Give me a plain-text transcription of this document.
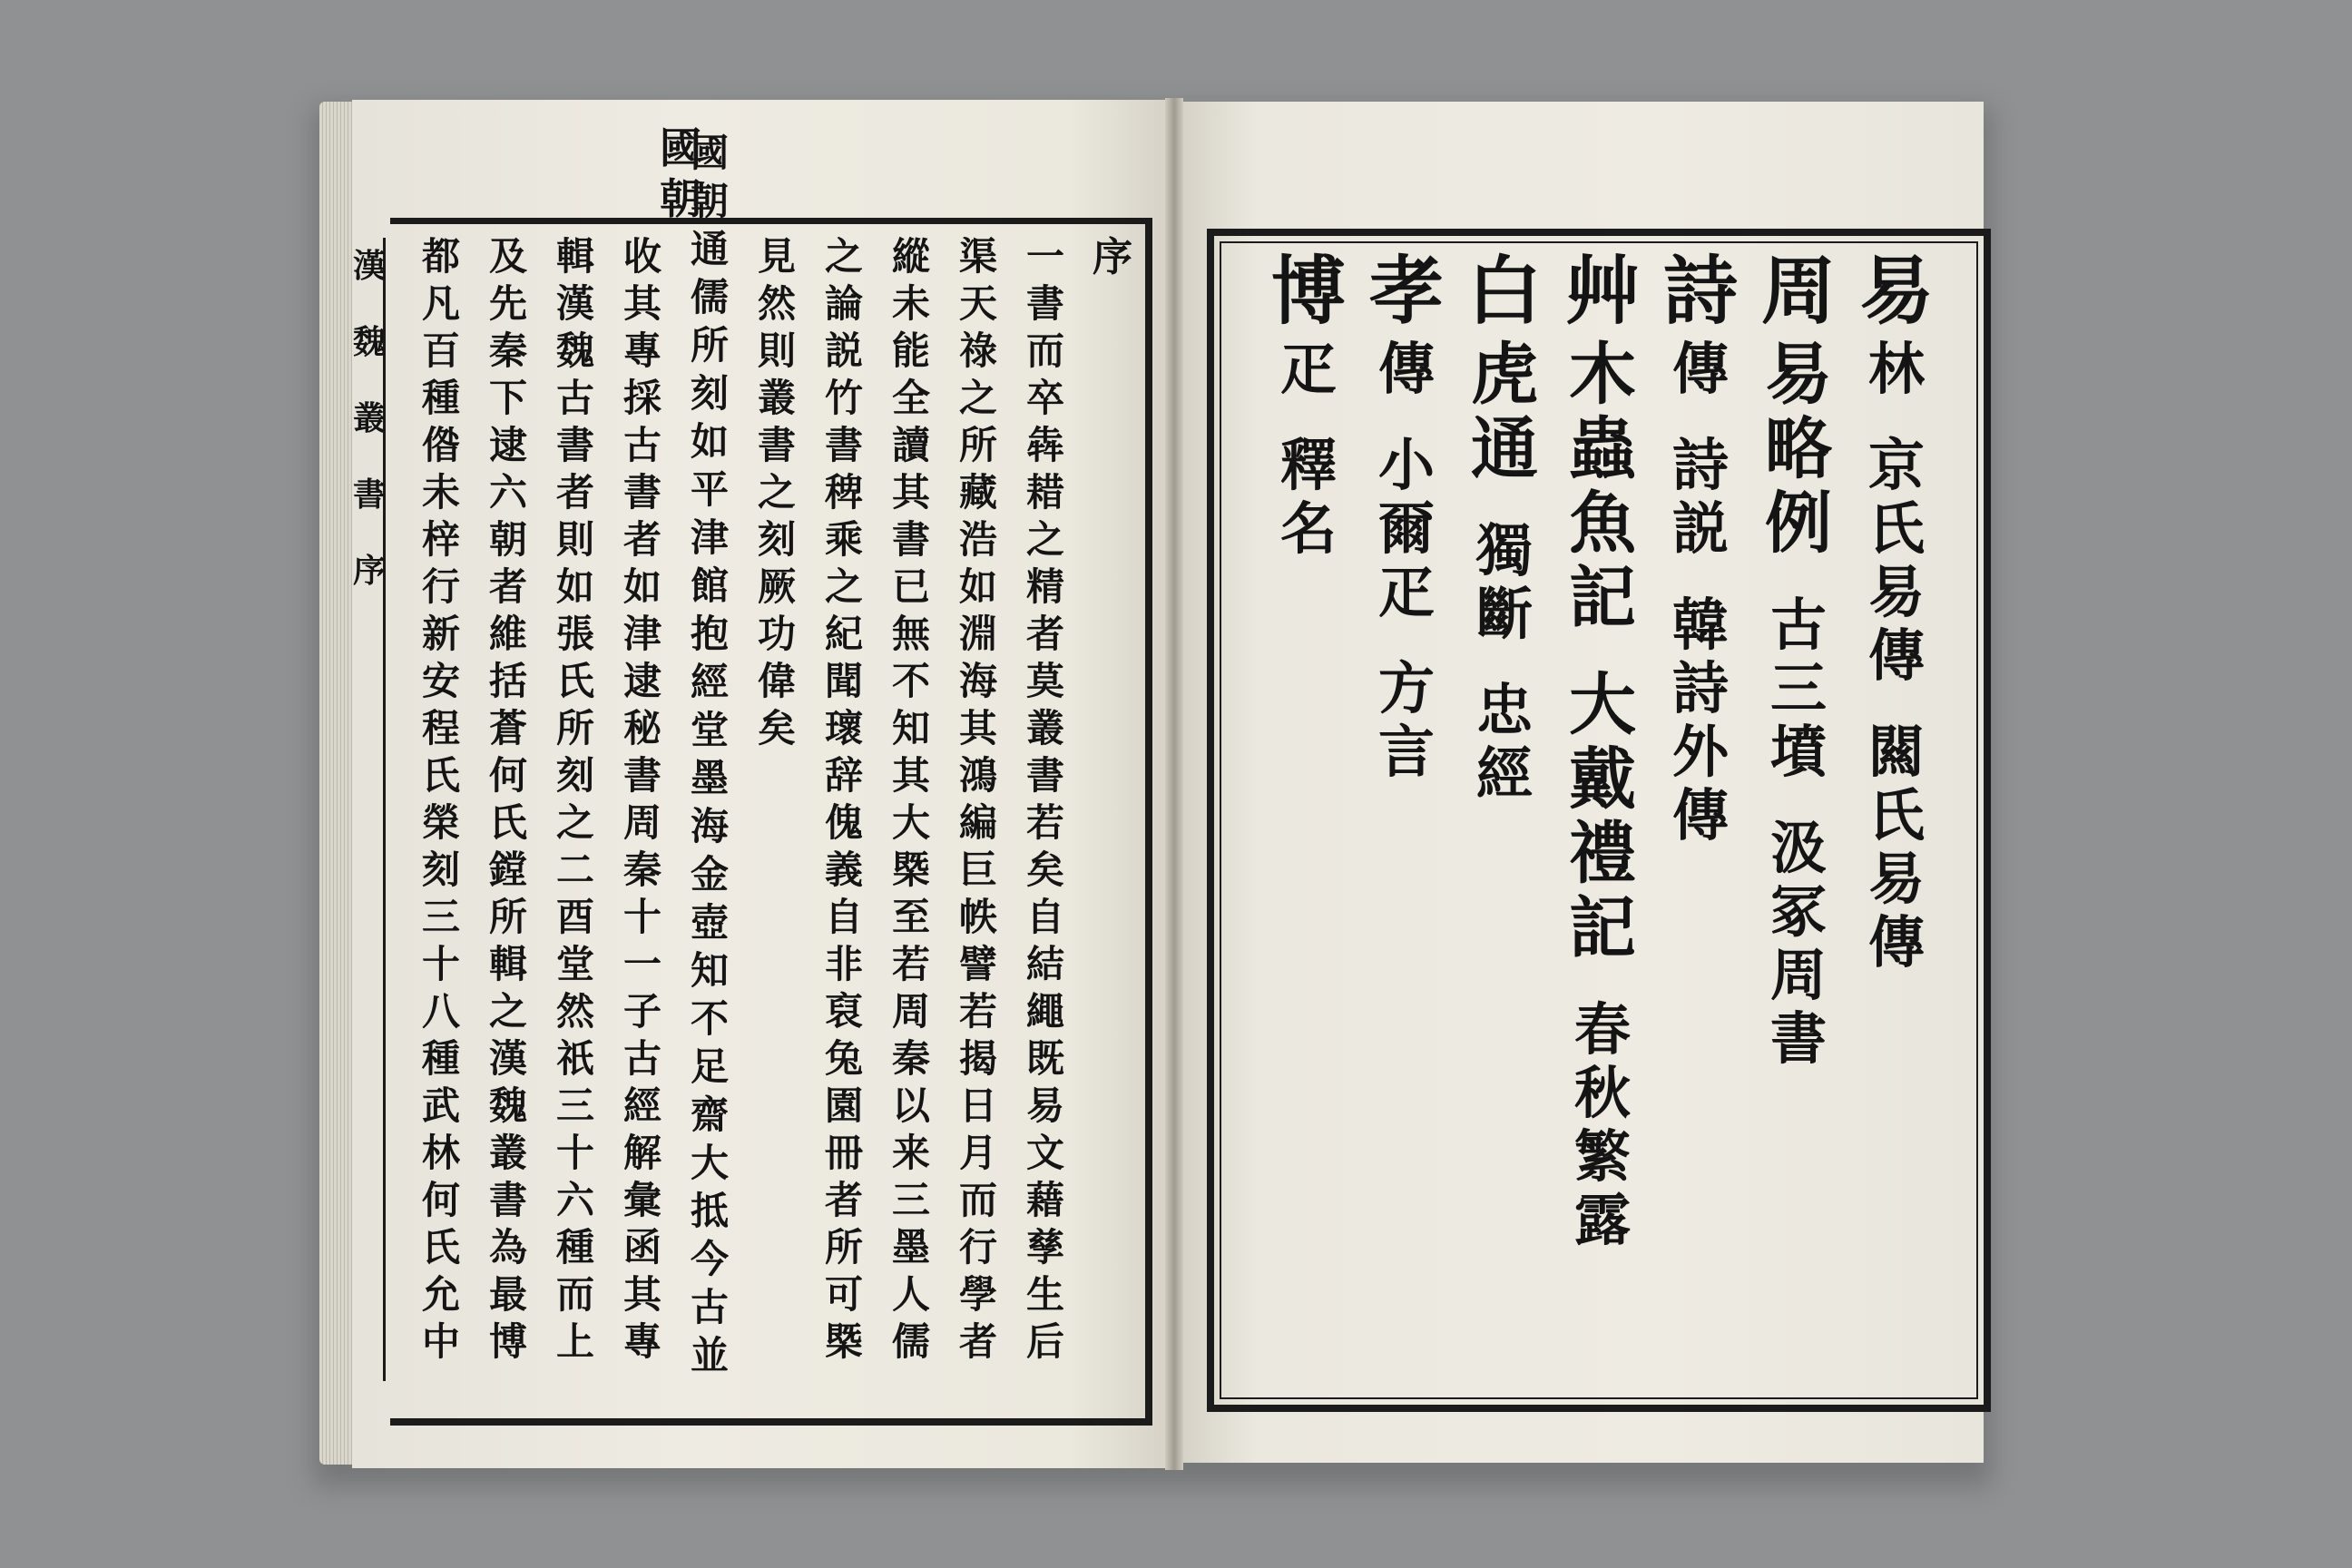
國
朝
漢
魏
叢
書
序
序
一
書
而
卒
犇
耤
之
精
者
莫
叢
書
若
矣
自
結
繩
既
易
文
藉
孳
生
后
渠
天
祿
之
所
藏
浩
如
淵
海
其
鴻
編
巨
帙
譬
若
揭
日
月
而
行
學
者
縱
未
能
全
讀
其
書
已
無
不
知
其
大
槩
至
若
周
秦
以
来
三
墨
人
儒
之
論
説
竹
書
稗
乘
之
紀
聞
瓌
辞
傀
義
自
非
裒
兔
園
冊
者
所
可
槩
見
然
則
叢
書
之
刻
厥
功
偉
矣
國
朝
通
儒
所
刻
如
平
津
館
抱
經
堂
墨
海
金
壺
知
不
足
齋
大
抵
今
古
並
收
其
專
採
古
書
者
如
津
逮
秘
書
周
秦
十
一
子
古
經
解
彙
函
其
專
輯
漢
魏
古
書
者
則
如
張
氏
所
刻
之
二
酉
堂
然
祇
三
十
六
種
而
上
及
先
秦
下
逮
六
朝
者
維
括
蒼
何
氏
鏜
所
輯
之
漢
魏
叢
書
為
最
博
都
凡
百
種
偺
未
梓
行
新
安
程
氏
榮
刻
三
十
八
種
武
林
何
氏
允
中
易
林
京
氏
易
傳
闗
氏
易
傳
周
易
略
例
古
三
墳
汲
冢
周
書
詩
傳
詩
説
韓
詩
外
傳
艸
木
蟲
魚
記
大
戴
禮
記
春
秋
繁
露
白
虎
通
獨
斷
忠
經
孝
傳
小
爾
疋
方
言
博
疋
釋
名
